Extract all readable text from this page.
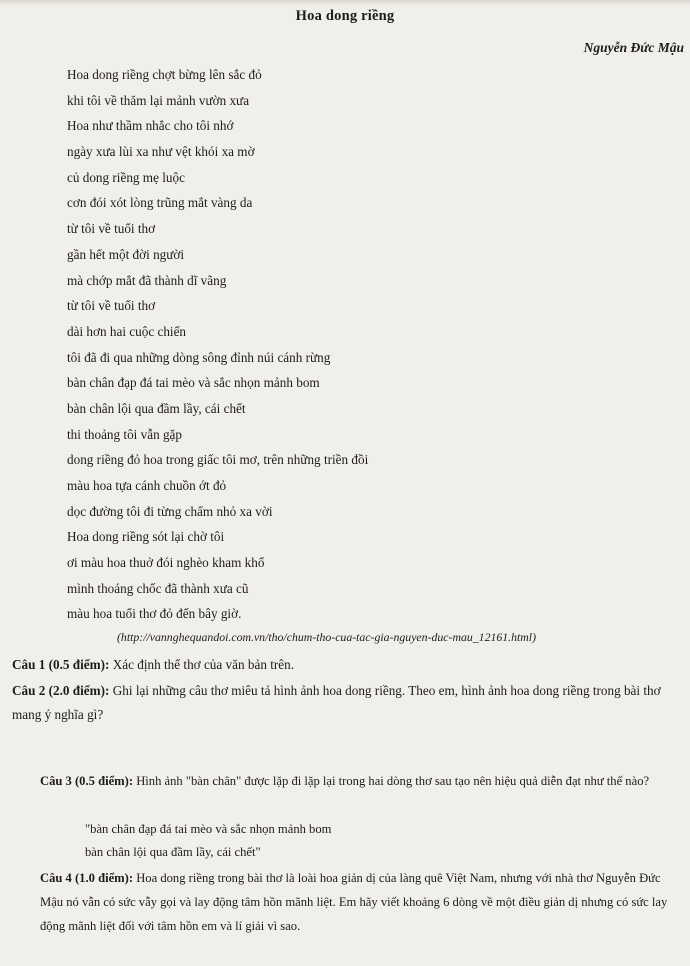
Hoa dong riềng
Nguyễn Đức Mậu
Hoa dong riềng chợt bừng lên sắc đỏ
khi tôi về thăm lại mảnh vườn xưa
Hoa như thầm nhắc cho tôi nhớ
ngày xưa lùi xa như vệt khói xa mờ
củ dong riềng mẹ luộc
cơn đói xót lòng trũng mắt vàng da
từ tôi về tuổi thơ
gần hết một đời người
mà chớp mắt đã thành dĩ vãng
từ tôi về tuổi thơ
dài hơn hai cuộc chiến
tôi đã đi qua những dòng sông đỉnh núi cánh rừng
bàn chân đạp đá tai mèo và sắc nhọn mảnh bom
bàn chân lội qua đầm lầy, cái chết
thi thoảng tôi vẫn gặp
dong riềng đỏ hoa trong giấc tôi mơ, trên những triền đồi
màu hoa tựa cánh chuồn ớt đỏ
dọc đường tôi đi từng chấm nhỏ xa vời
Hoa dong riềng sót lại chờ tôi
ơi màu hoa thuở đói nghèo kham khổ
mình thoáng chốc đã thành xưa cũ
màu hoa tuổi thơ đỏ đến bây giờ.
(http://vannghequandoi.com.vn/tho/chum-tho-cua-tac-gia-nguyen-duc-mau_12161.html)
Câu 1 (0.5 điểm): Xác định thể thơ của văn bản trên.
Câu 2 (2.0 điểm): Ghi lại những câu thơ miêu tả hình ảnh hoa dong riềng. Theo em, hình ảnh hoa dong riềng trong bài thơ mang ý nghĩa gì?
Câu 3 (0.5 điểm): Hình ảnh "bàn chân" được lặp đi lặp lại trong hai dòng thơ sau tạo nên hiệu quả diễn đạt như thế nào?
"bàn chân đạp đá tai mèo và sắc nhọn mảnh bom
bàn chân lội qua đầm lầy, cái chết"
Câu 4 (1.0 điểm): Hoa dong riềng trong bài thơ là loài hoa giản dị của làng quê Việt Nam, nhưng với nhà thơ Nguyễn Đức Mậu nó vẫn có sức vẫy gọi và lay động tâm hồn mãnh liệt. Em hãy viết khoảng 6 dòng về một điều giản dị nhưng có sức lay động mãnh liệt đối với tâm hồn em và lí giải vì sao.
